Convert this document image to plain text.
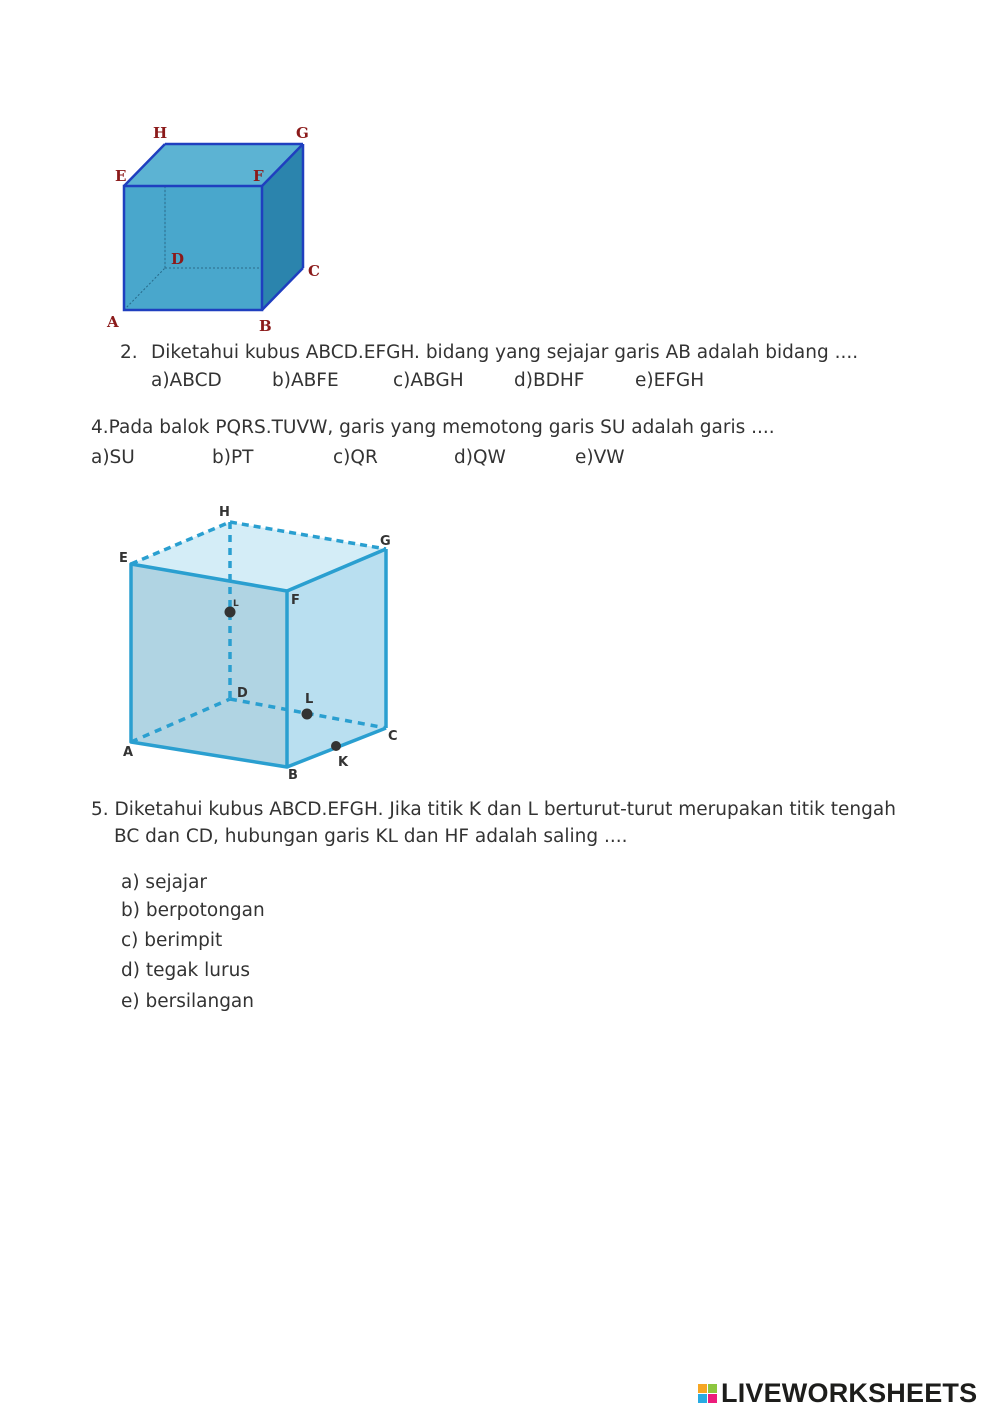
H	G
E	F
D
C
A	B
2. Diketahui kubus ABCD.EFGH. bidang yang sejajar garis AB adalah bidang ....
a)ABCD	b)ABFE	c)ABGH	d)BDHF	e)EFGH
4.Pada balok PQRS.TUVW, garis yang memotong garis SU adalah garis ....
a)SU	b)PT	c)QR	d)QW	e)VW
H
G
E
F
L
D	L
C
A
K
B
5. Diketahui kubus ABCD.EFGH. Jika titik K dan L berturut-turut merupakan titik tengah
BC dan CD, hubungan garis KL dan HF adalah saling ....
a) sejajar
b) berpotongan
c) berimpit
d) tegak lurus
e) bersilangan
LIVEWORKSHEETS
